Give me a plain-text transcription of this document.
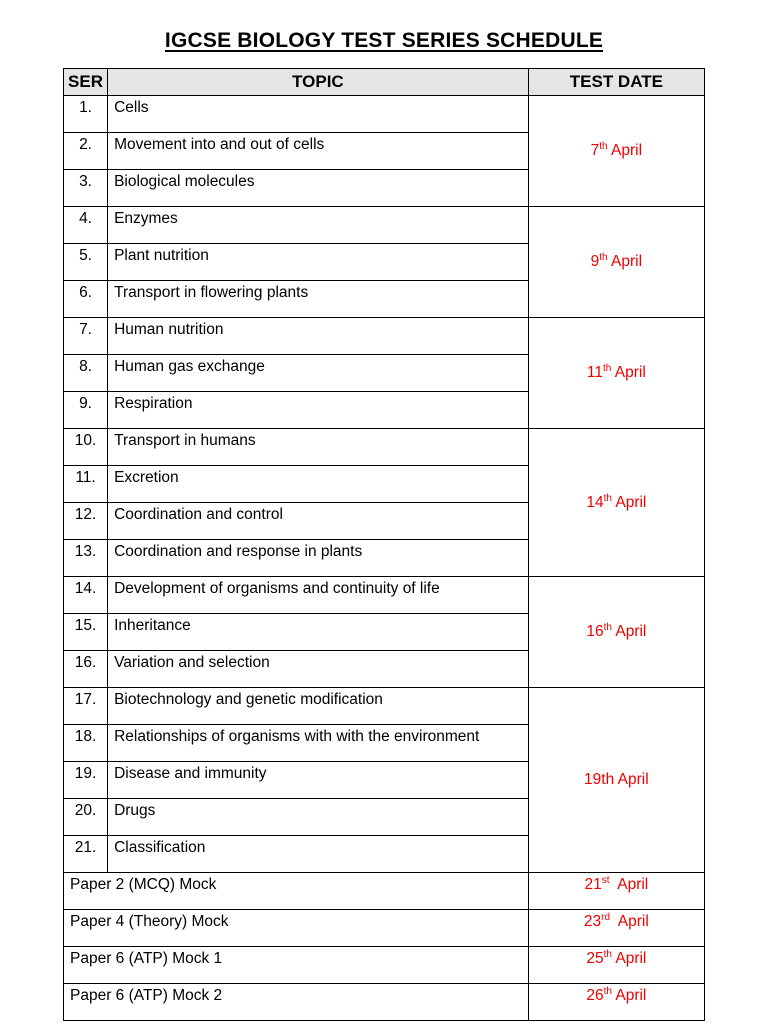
IGCSE BIOLOGY TEST SERIES SCHEDULE
SER	TOPIC	TEST DATE
1.	Cells	7th April
2.	Movement into and out of cells	
3.	Biological molecules	
4.	Enzymes	9th April
5.	Plant nutrition	
6.	Transport in flowering plants	
7.	Human nutrition	11th April
8.	Human gas exchange	
9.	Respiration	
10.	Transport in humans	14th April
11.	Excretion	
12.	Coordination and control	
13.	Coordination and response in plants	
14.	Development of organisms and continuity of life	16th April
15.	Inheritance	
16.	Variation and selection	
17.	Biotechnology and genetic modification	19th April
18.	Relationships of organisms with with the environment	
19.	Disease and immunity	
20.	Drugs	
21.	Classification	
Paper 2 (MCQ) Mock		21st  April
Paper 4 (Theory) Mock		23rd  April
Paper 6 (ATP) Mock 1		25th April
Paper 6 (ATP) Mock 2		26th April
